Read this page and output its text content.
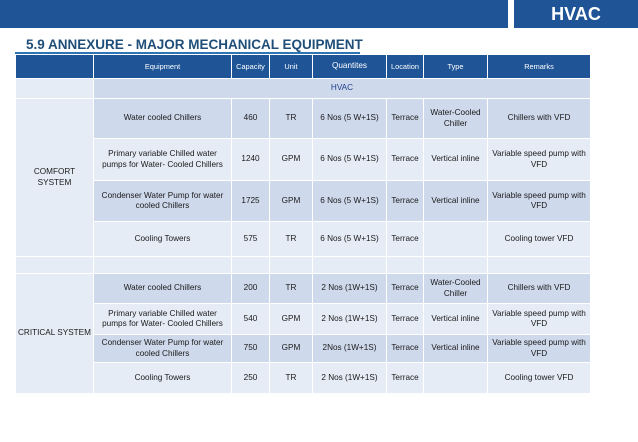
HVAC
5.9 ANNEXURE - MAJOR MECHANICAL EQUIPMENT
	Equipment	Capacity	Unit	Quantites	Location	Type	Remarks
	HVAC						
COMFORT SYSTEM	Water cooled Chillers	460	TR	6 Nos (5 W+1S)	Terrace	Water-Cooled Chiller	Chillers with VFD
	Primary variable Chilled water pumps for Water- Cooled Chillers	1240	GPM	6 Nos (5 W+1S)	Terrace	Vertical inline	Variable speed pump with VFD
	Condenser Water Pump for water cooled Chillers	1725	GPM	6 Nos (5 W+1S)	Terrace	Vertical inline	Variable speed pump with VFD
	Cooling Towers	575	TR	6 Nos (5 W+1S)	Terrace		Cooling tower VFD

CRITICAL SYSTEM	Water cooled Chillers	200	TR	2 Nos (1W+1S)	Terrace	Water-Cooled Chiller	Chillers with VFD
	Primary variable Chilled water pumps for Water- Cooled Chillers	540	GPM	2 Nos (1W+1S)	Terrace	Vertical inline	Variable speed pump with VFD
	Condenser Water Pump for water cooled Chillers	750	GPM	2Nos (1W+1S)	Terrace	Vertical inline	Variable speed pump with VFD
	Cooling Towers	250	TR	2 Nos (1W+1S)	Terrace		Cooling tower VFD
